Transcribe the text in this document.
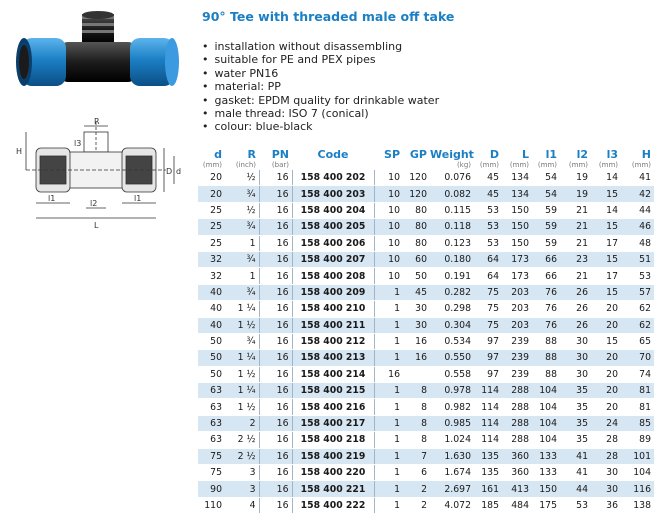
R
H
l3
l2
l1	l1
L
D d
90° Tee with threaded male off take
• installation without disassembling
• suitable for PE and PEX pipes
• water PN16
• material: PP
• gasket: EPDM quality for drinkable water
• male thread: ISO 7 (conical)
• colour: blue-black
d	R	PN	Code	SP	GP	Weight	D	L	l1	l2	l3	H
(mm)	(inch)	(bar)				(kg)	(mm)	(mm)	(mm)	(mm)	(mm)	(mm)
20	½	16	158 400 202	10	120	0.076	45	134	54	19	14	41
20	¾	16	158 400 203	10	120	0.082	45	134	54	19	15	42
25	½	16	158 400 204	10	80	0.115	53	150	59	21	14	44
25	¾	16	158 400 205	10	80	0.118	53	150	59	21	15	46
25	1	16	158 400 206	10	80	0.123	53	150	59	21	17	48
32	¾	16	158 400 207	10	60	0.180	64	173	66	23	15	51
32	1	16	158 400 208	10	50	0.191	64	173	66	21	17	53
40	¾	16	158 400 209	1	45	0.282	75	203	76	26	15	57
40	1 ¼	16	158 400 210	1	30	0.298	75	203	76	26	20	62
40	1 ½	16	158 400 211	1	30	0.304	75	203	76	26	20	62
50	¾	16	158 400 212	1	16	0.534	97	239	88	30	15	65
50	1 ¼	16	158 400 213	1	16	0.550	97	239	88	30	20	70
50	1 ½	16	158 400 214	16		0.558	97	239	88	30	20	74
63	1 ¼	16	158 400 215	1	8	0.978	114	288	104	35	20	81
63	1 ½	16	158 400 216	1	8	0.982	114	288	104	35	20	81
63	2	16	158 400 217	1	8	0.985	114	288	104	35	24	85
63	2 ½	16	158 400 218	1	8	1.024	114	288	104	35	28	89
75	2 ½	16	158 400 219	1	7	1.630	135	360	133	41	28	101
75	3	16	158 400 220	1	6	1.674	135	360	133	41	30	104
90	3	16	158 400 221	1	2	2.697	161	413	150	44	30	116
110	4	16	158 400 222	1	2	4.072	185	484	175	53	36	138
